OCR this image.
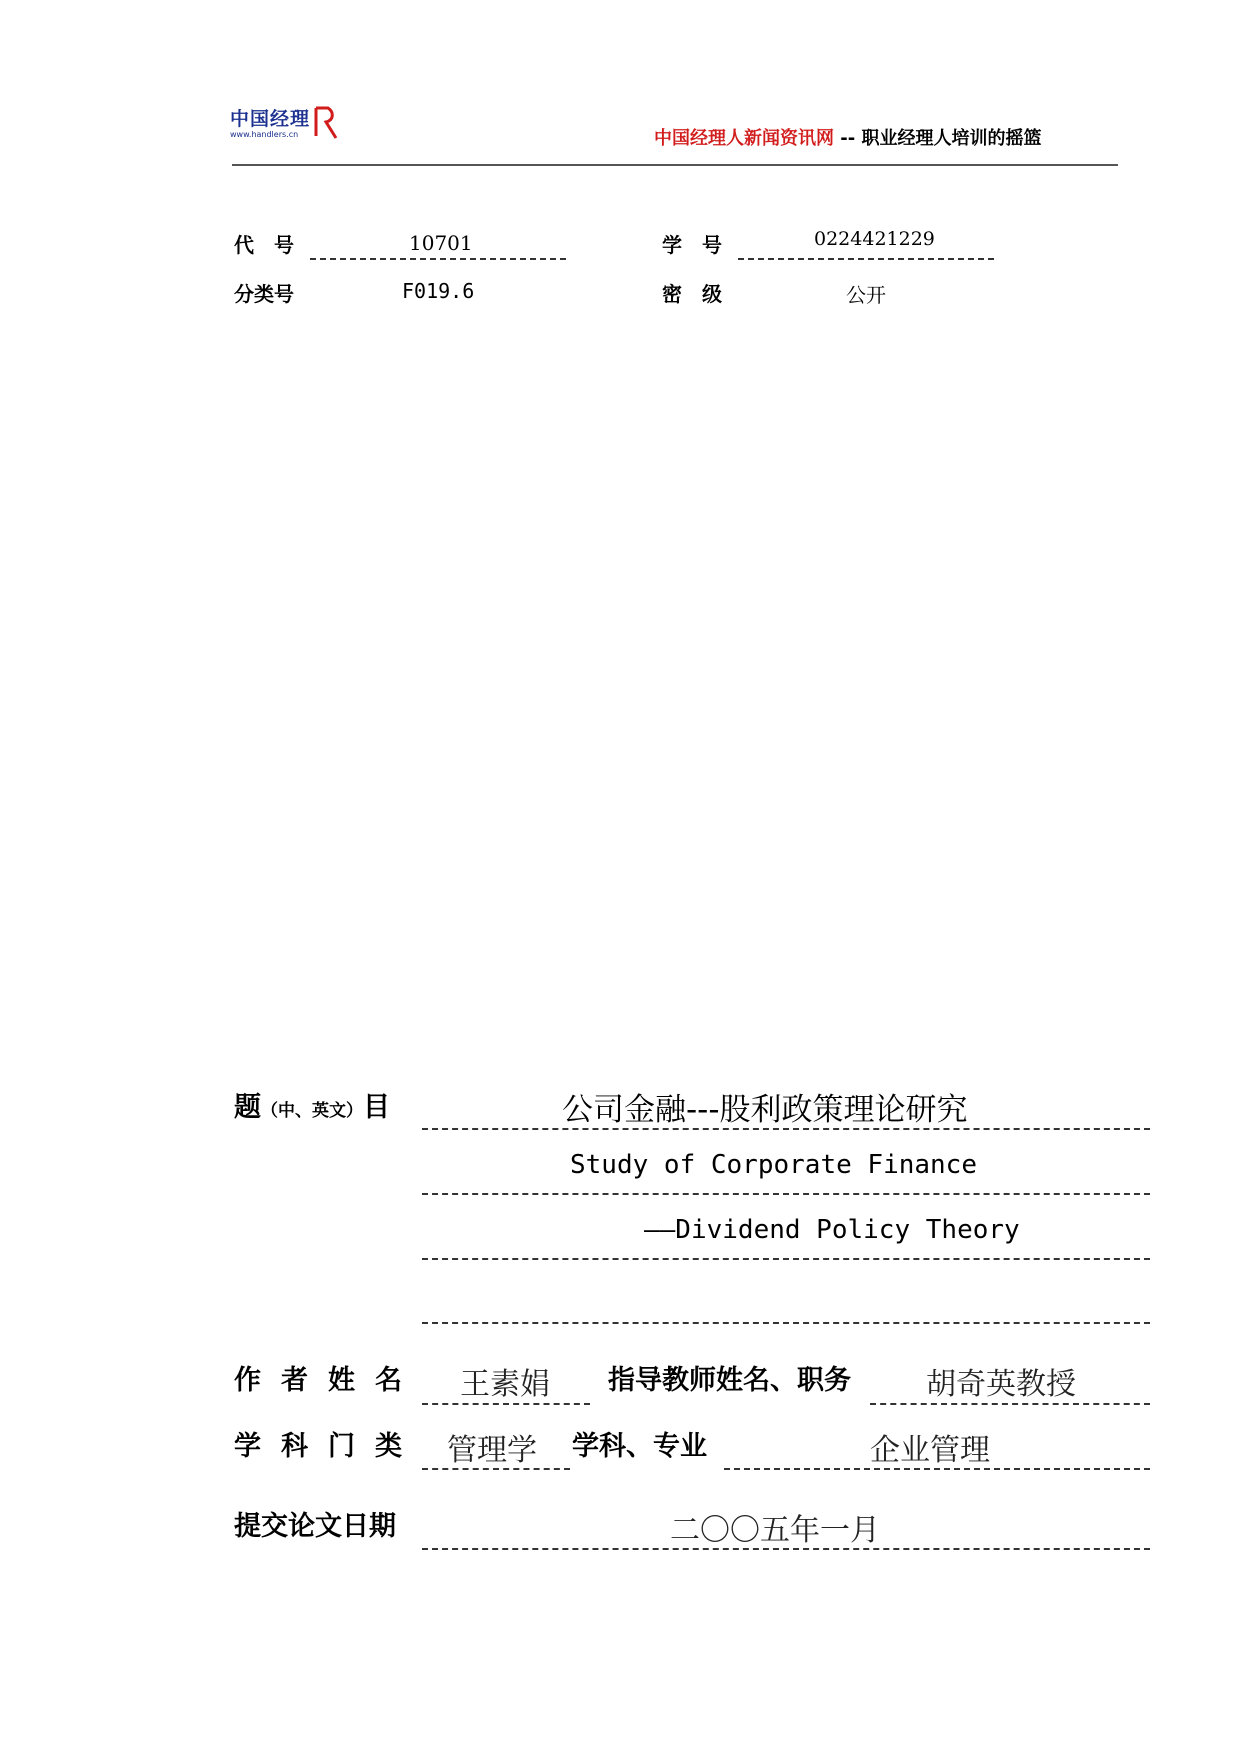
中国经理
www.handlers.cn	中国经理人新闻资讯网 -- 职业经理人培训的摇篮
代　号	10701	学　号	0224421229
分类号	F019.6	密　级	公开
题（中、英文）目	公司金融---股利政策理论研究
Study of Corporate Finance
——Dividend Policy Theory
作者姓名 王素娟 指导教师姓名、职务	胡奇英教授
学科门类 管理学 学科、专业	企业管理
提交论文日期	二〇〇五年一月
